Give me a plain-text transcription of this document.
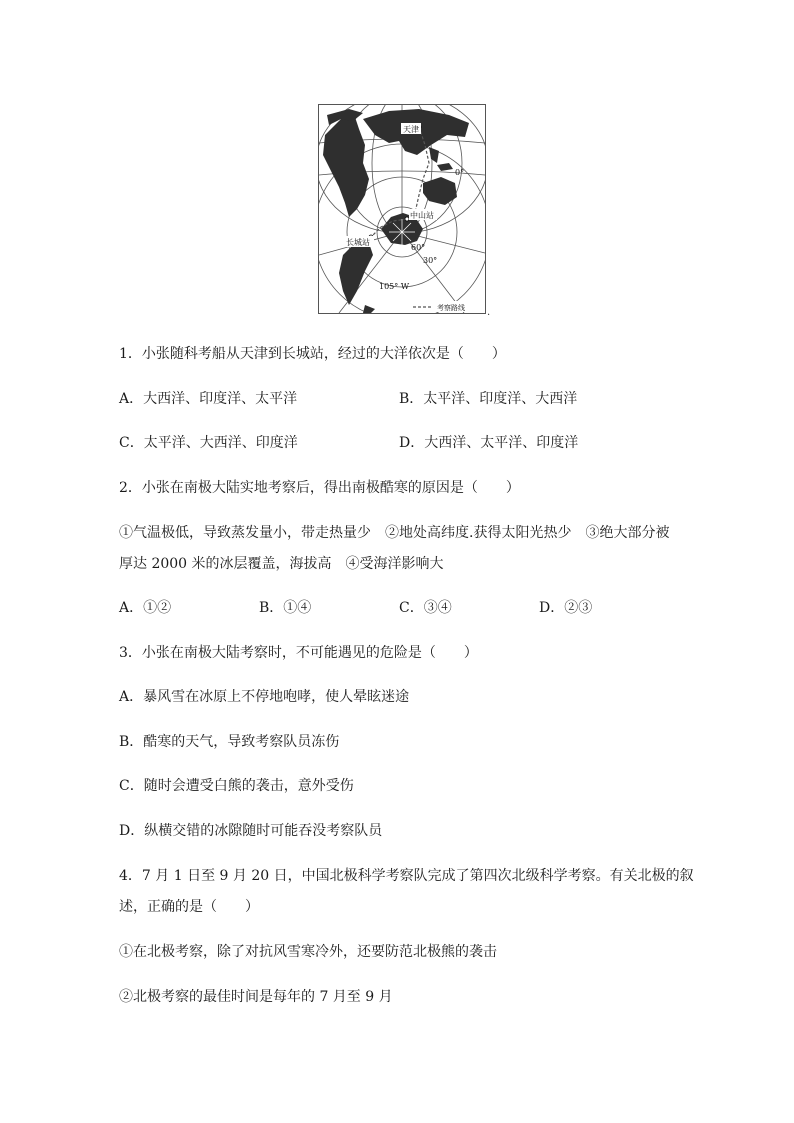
天津
0°
中山站
长城站
60°
30°
105° W
考察路线 .
1．小张随科考船从天津到长城站，经过的大洋依次是（　　）
A．大西洋、印度洋、太平洋	B．太平洋、印度洋、大西洋
C．太平洋、大西洋、印度洋	D．大西洋、太平洋、印度洋
2．小张在南极大陆实地考察后，得出南极酷寒的原因是（　　）
①气温极低，导致蒸发量小，带走热量少　②地处高纬度.获得太阳光热少　③绝大部分被
厚达 2000 米的冰层覆盖，海拔高　④受海洋影响大
A．①②	B．①④	C．③④	D．②③
3．小张在南极大陆考察时，不可能遇见的危险是（　　）
A．暴风雪在冰原上不停地咆哮，使人晕眩迷途
B．酷寒的天气，导致考察队员冻伤
C．随时会遭受白熊的袭击，意外受伤
D．纵横交错的冰隙随时可能吞没考察队员
4．7 月 1 日至 9 月 20 日，中国北极科学考察队完成了第四次北级科学考察。有关北极的叙
述，正确的是（　　）
①在北极考察，除了对抗风雪寒冷外，还要防范北极熊的袭击
②北极考察的最佳时间是每年的 7 月至 9 月
